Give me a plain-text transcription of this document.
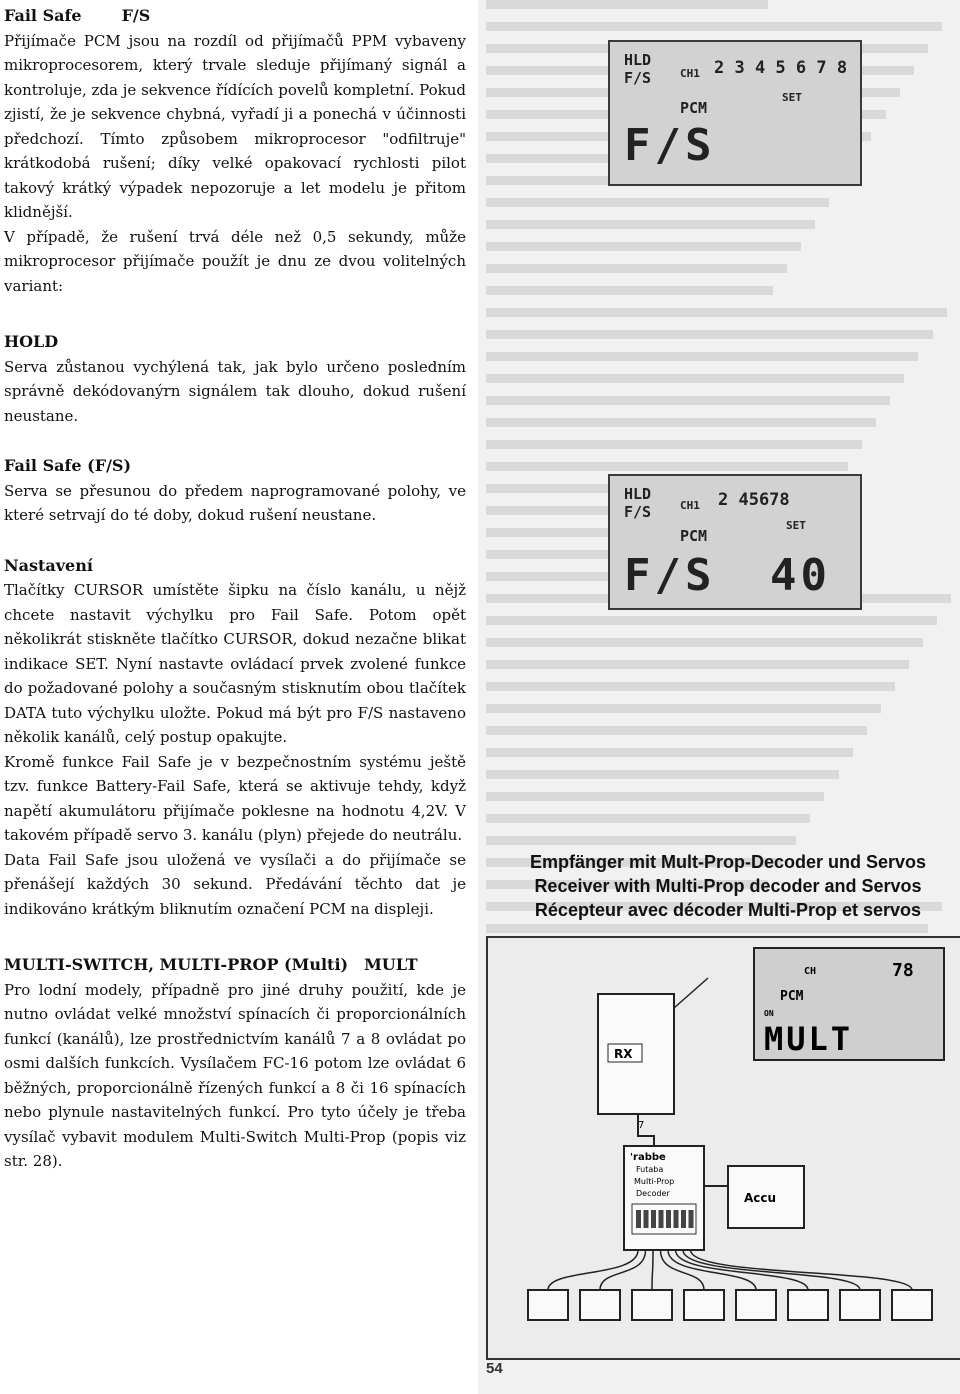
Fail Safe	F/S

Přijímače PCM jsou na rozdíl od přijímačů PPM vybaveny mikroprocesorem, který trvale sleduje přijímaný signál a kontroluje, zda je sekvence řídících povelů kompletní. Pokud zjistí, že je sekvence chybná, vyřadí ji a ponechá v účinnosti předchozí. Tímto způsobem mikroprocesor "odfiltruje" krátkodobá rušení; díky velké opakovací rychlosti pilot takový krátký výpadek nepozoruje a let modelu je přitom klidnější.

V případě, že rušení trvá déle než 0,5 sekundy, může mikroprocesor přijímače použít je dnu ze dvou volitelných variant:

HOLD

Serva zůstanou vychýlená tak, jak bylo určeno posledním správně dekódovanýrn signálem tak dlouho, dokud rušení neustane.

Fail Safe (F/S)

Serva se přesunou do předem naprogramované polohy, ve které setrvají do té doby, dokud rušení neustane.

Nastavení

Tlačítky CURSOR umístěte šipku na číslo kanálu, u nějž chcete nastavit výchylku pro Fail Safe. Potom opět několikrát stiskněte tlačítko CURSOR, dokud nezačne blikat indikace SET. Nyní nastavte ovládací prvek zvolené funkce do požadované polohy a současným stisknutím obou tlačítek DATA tuto výchylku uložte. Pokud má být pro F/S nastaveno několik kanálů, celý postup opakujte.

Kromě funkce Fail Safe je v bezpečnostním systému ještě tzv. funkce Battery-Fail Safe, která se aktivuje tehdy, když napětí akumulátoru přijímače poklesne na hodnotu 4,2V. V takovém případě servo 3. kanálu (plyn) přejede do neutrálu.

Data Fail Safe jsou uložená ve vysílači a do přijímače se přenášejí každých 30 sekund. Předávání těchto dat je indikováno krátkým bliknutím označení PCM na displeji.

MULTI-SWITCH, MULTI-PROP (Multi) MULT

Pro lodní modely, případně pro jiné druhy použití, kde je nutno ovládat velké množství spínacích či proporcionálních funkcí (kanálů), lze prostřednictvím kanálů 7 a 8 ovládat po osmi dalších funkcích. Vysílačem FC-16 potom lze ovládat 6 běžných, proporcionálně řízených funkcí a 8 či 16 spínacích nebo plynule nastavitelných funkcí. Pro tyto účely je třeba vysílač vybavit modulem Multi-Switch Multi-Prop (popis viz str. 28).

HLD
F/S	CH1 2 3 4 5 6 7 8
PCM
SET
F/S
HLD
F/S	CH1 2 45678
PCM
SET
F/S 40
Empfänger mit Mult-Prop-Decoder und Servos
Receiver with Multi-Prop decoder and Servos
Récepteur avec décoder Multi-Prop et servos
RX
7
CH	78
PCM
ON
MULT
'rabbe
Futaba
Multi-Prop
Decoder	Accu
54
